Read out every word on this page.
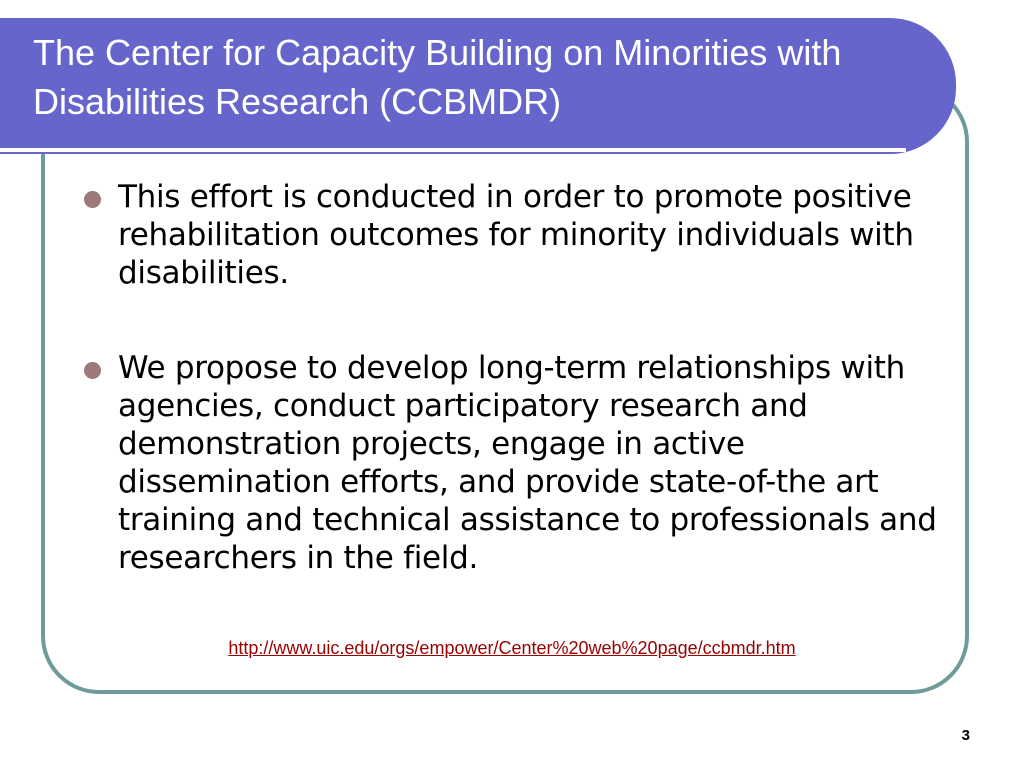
The Center for Capacity Building on Minorities with Disabilities Research (CCBMDR)
This effort is conducted in order to promote positive rehabilitation outcomes for minority individuals with disabilities.
We propose to develop long-term relationships with agencies, conduct participatory research and demonstration projects, engage in active dissemination efforts, and provide state-of-the art training and technical assistance to professionals and researchers in the field.
http://www.uic.edu/orgs/empower/Center%20web%20page/ccbmdr.htm
3
